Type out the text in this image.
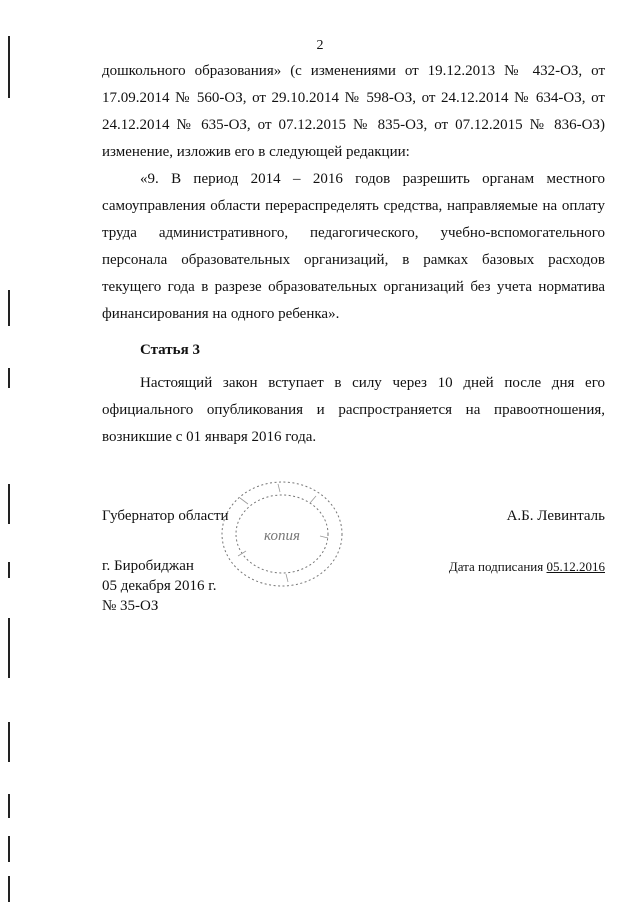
2
дошкольного образования» (с изменениями от 19.12.2013 № 432-ОЗ, от
17.09.2014 № 560-ОЗ, от 29.10.2014 № 598-ОЗ, от 24.12.2014 № 634-ОЗ, от
24.12.2014 № 635-ОЗ, от 07.12.2015 № 835-ОЗ, от 07.12.2015 № 836-ОЗ)
изменение, изложив его в следующей редакции:
«9. В период 2014 – 2016 годов разрешить органам местного
самоуправления области перераспределять средства, направляемые на оплату
труда административного, педагогического, учебно-вспомогательного
персонала образовательных организаций, в рамках базовых расходов
текущего года в разрезе образовательных организаций без учета норматива
финансирования на одного ребенка».
Статья 3
Настоящий закон вступает в силу через 10 дней после дня его
официального опубликования и распространяется на правоотношения,
возникшие с 01 января 2016 года.
Губернатор области	А.Б. Левинталь
копия
г. Биробиджан
05 декабря 2016 г.
№ 35-ОЗ
Дата подписания 05.12.2016
